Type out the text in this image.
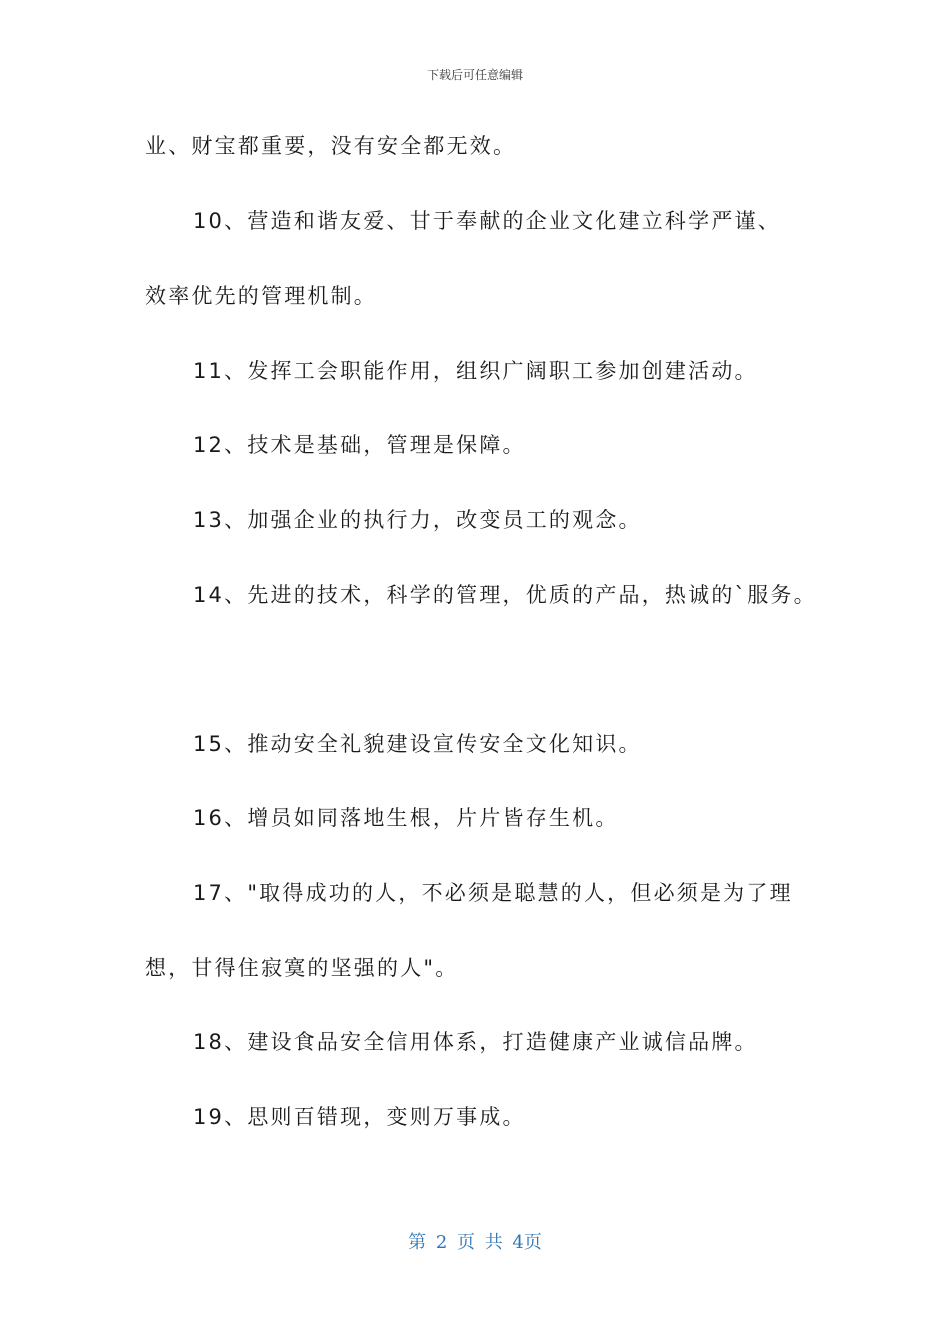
下载后可任意编辑
业、财宝都重要，没有安全都无效。
10、营造和谐友爱、甘于奉献的企业文化建立科学严谨、
效率优先的管理机制。
11、发挥工会职能作用，组织广阔职工参加创建活动。
12、技术是基础，管理是保障。
13、加强企业的执行力，改变员工的观念。
14、先进的技术，科学的管理，优质的产品，热诚的`服务。
15、推动安全礼貌建设宣传安全文化知识。
16、增员如同落地生根，片片皆存生机。
17、"取得成功的人，不必须是聪慧的人，但必须是为了理
想，甘得住寂寞的坚强的人"。
18、建设食品安全信用体系，打造健康产业诚信品牌。
19、思则百错现，变则万事成。
第 2 页 共 4页
